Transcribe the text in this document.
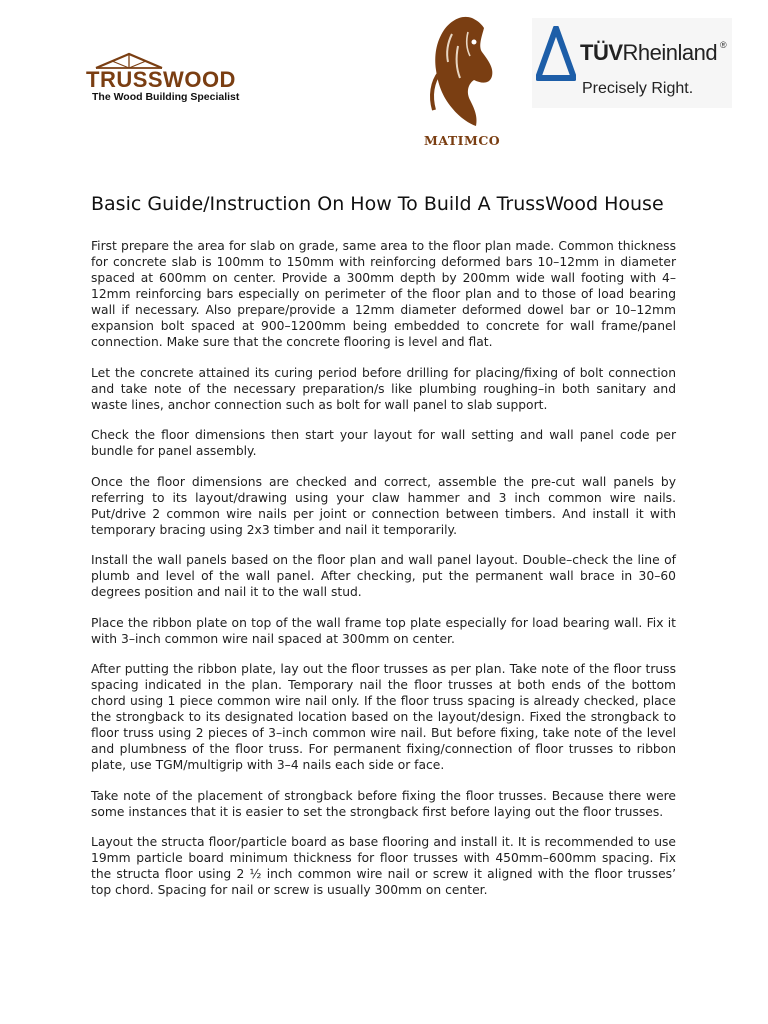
TRUSSWOOD
The Wood Building Specialist
MATIMCO
TÜVRheinland ®
Precisely Right.
Basic Guide/Instruction On How To Build A TrussWood House

First prepare the area for slab on grade, same area to the floor plan made. Common thickness for concrete slab is 100mm to 150mm with reinforcing deformed bars 10–12mm in diameter spaced at 600mm on center. Provide a 300mm depth by 200mm wide wall footing with 4–12mm reinforcing bars especially on perimeter of the floor plan and to those of load bearing wall if necessary. Also prepare/provide a 12mm diameter deformed dowel bar or 10–12mm expansion bolt spaced at 900–1200mm being embedded to concrete for wall frame/panel connection. Make sure that the concrete flooring is level and flat.

Let the concrete attained its curing period before drilling for placing/fixing of bolt connection and take note of the necessary preparation/s like plumbing roughing–in both sanitary and waste lines, anchor connection such as bolt for wall panel to slab support.

Check the floor dimensions then start your layout for wall setting and wall panel code per bundle for panel assembly.

Once the floor dimensions are checked and correct, assemble the pre-cut wall panels by referring to its layout/drawing using your claw hammer and 3 inch common wire nails. Put/drive 2 common wire nails per joint or connection between timbers. And install it with temporary bracing using 2x3 timber and nail it temporarily.

Install the wall panels based on the floor plan and wall panel layout. Double–check the line of plumb and level of the wall panel. After checking, put the permanent wall brace in 30–60 degrees position and nail it to the wall stud.

Place the ribbon plate on top of the wall frame top plate especially for load bearing wall. Fix it with 3–inch common wire nail spaced at 300mm on center.

After putting the ribbon plate, lay out the floor trusses as per plan. Take note of the floor truss spacing indicated in the plan. Temporary nail the floor trusses at both ends of the bottom chord using 1 piece common wire nail only. If the floor truss spacing is already checked, place the strongback to its designated location based on the layout/design. Fixed the strongback to floor truss using 2 pieces of 3–inch common wire nail. But before fixing, take note of the level and plumbness of the floor truss. For permanent fixing/connection of floor trusses to ribbon plate, use TGM/multigrip with 3–4 nails each side or face.

Take note of the placement of strongback before fixing the floor trusses. Because there were some instances that it is easier to set the strongback first before laying out the floor trusses.

Layout the structa floor/particle board as base flooring and install it. It is recommended to use 19mm particle board minimum thickness for floor trusses with 450mm–600mm spacing. Fix the structa floor using 2 ½ inch common wire nail or screw it aligned with the floor trusses’ top chord. Spacing for nail or screw is usually 300mm on center.
